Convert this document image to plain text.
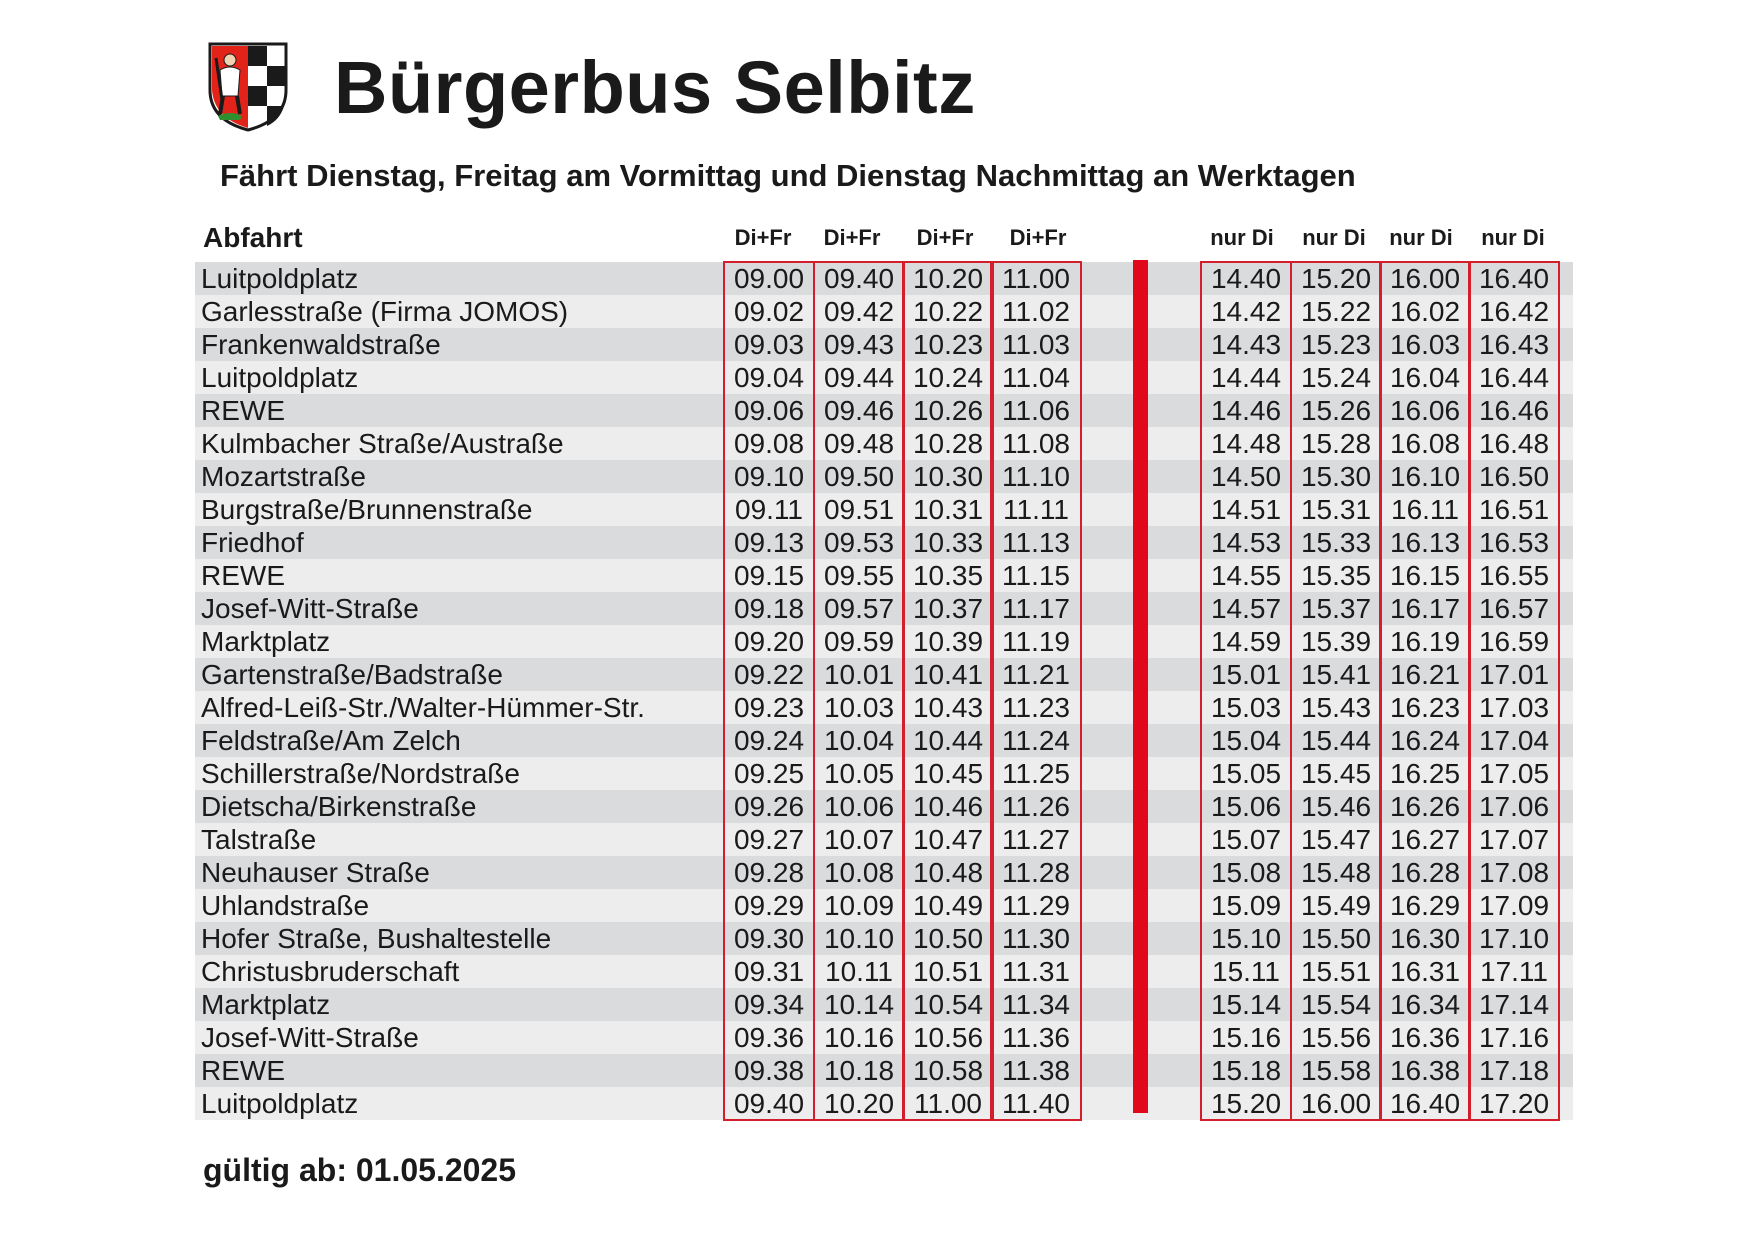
Bürgerbus Selbitz
Fährt Dienstag, Freitag am Vormittag und Dienstag Nachmittag an Werktagen
Abfahrt	Di+Fr	Di+Fr	Di+Fr	Di+Fr	nur Di	nur Di	nur Di	nur Di
Luitpoldplatz	09.00 09.40 10.20 11.00	14.40 15.20 16.00 16.40
Garlesstraße (Firma JOMOS)	09.02 09.42 10.22 11.02	14.42 15.22 16.02 16.42
Frankenwaldstraße	09.03 09.43 10.23 11.03	14.43 15.23 16.03 16.43
Luitpoldplatz	09.04 09.44 10.24 11.04	14.44 15.24 16.04 16.44
REWE	09.06 09.46 10.26 11.06	14.46 15.26 16.06 16.46
Kulmbacher Straße/Austraße	09.08 09.48 10.28 11.08	14.48 15.28 16.08 16.48
Mozartstraße	09.10 09.50 10.30 11.10	14.50 15.30 16.10 16.50
Burgstraße/Brunnenstraße	09.11 09.51 10.31 11.11	14.51 15.31 16.11 16.51
Friedhof	09.13 09.53 10.33 11.13	14.53 15.33 16.13 16.53
REWE	09.15 09.55 10.35 11.15	14.55 15.35 16.15 16.55
Josef-Witt-Straße	09.18 09.57 10.37 11.17	14.57 15.37 16.17 16.57
Marktplatz	09.20 09.59 10.39 11.19	14.59 15.39 16.19 16.59
Gartenstraße/Badstraße	09.22 10.01 10.41 11.21	15.01 15.41 16.21 17.01
Alfred-Leiß-Str./Walter-Hümmer-Str.	09.23 10.03 10.43 11.23	15.03 15.43 16.23 17.03
Feldstraße/Am Zelch	09.24 10.04 10.44 11.24	15.04 15.44 16.24 17.04
Schillerstraße/Nordstraße	09.25 10.05 10.45 11.25	15.05 15.45 16.25 17.05
Dietscha/Birkenstraße	09.26 10.06 10.46 11.26	15.06 15.46 16.26 17.06
Talstraße	09.27 10.07 10.47 11.27	15.07 15.47 16.27 17.07
Neuhauser Straße	09.28 10.08 10.48 11.28	15.08 15.48 16.28 17.08
Uhlandstraße	09.29 10.09 10.49 11.29	15.09 15.49 16.29 17.09
Hofer Straße, Bushaltestelle	09.30 10.10 10.50 11.30	15.10 15.50 16.30 17.10
Christusbruderschaft	09.31 10.11 10.51 11.31	15.11 15.51 16.31 17.11
Marktplatz	09.34 10.14 10.54 11.34	15.14 15.54 16.34 17.14
Josef-Witt-Straße	09.36 10.16 10.56 11.36	15.16 15.56 16.36 17.16
REWE	09.38 10.18 10.58 11.38	15.18 15.58 16.38 17.18
Luitpoldplatz	09.40 10.20 11.00 11.40	15.20 16.00 16.40 17.20
gültig ab: 01.05.2025
